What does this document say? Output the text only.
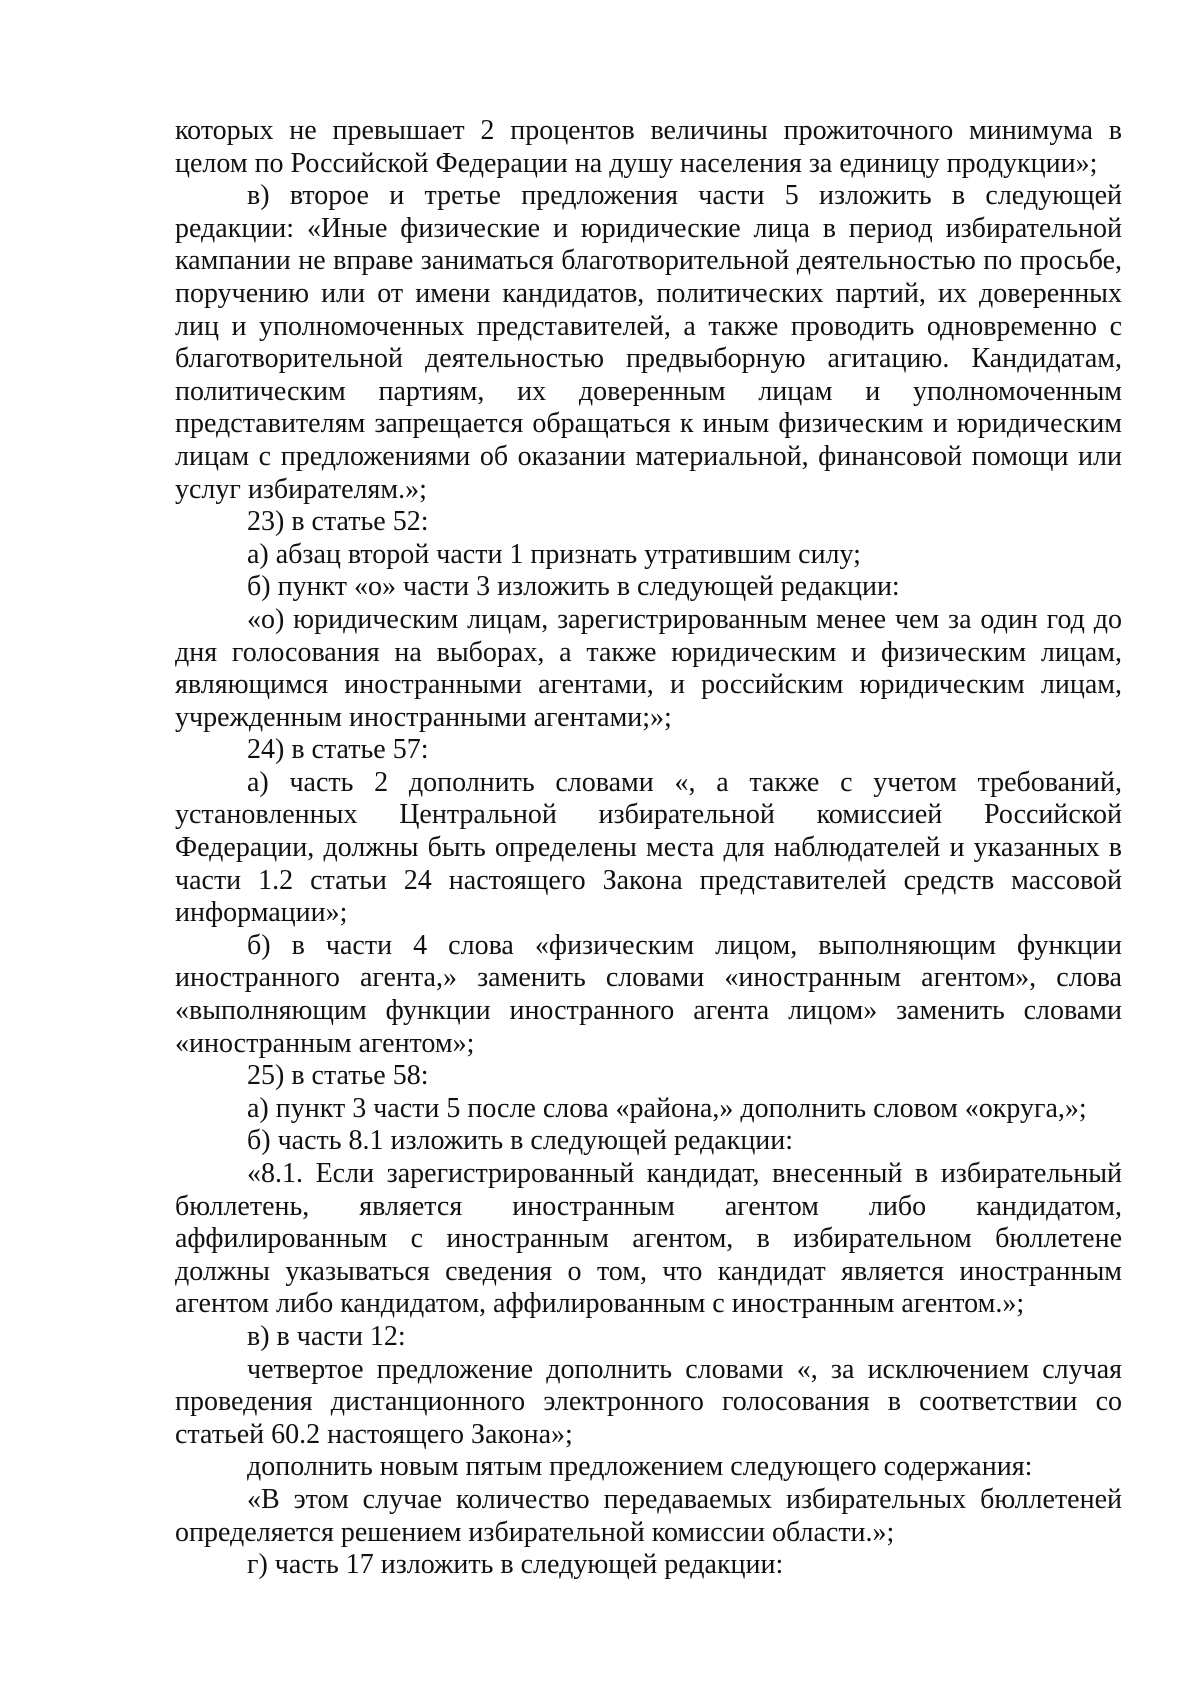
которых не превышает 2 процентов величины прожиточного минимума в целом по Российской Федерации на душу населения за единицу продукции»;

в) второе и третье предложения части 5 изложить в следующей редакции: «Иные физические и юридические лица в период избирательной кампании не вправе заниматься благотворительной деятельностью по просьбе, поручению или от имени кандидатов, политических партий, их доверенных лиц и уполномоченных представителей, а также проводить одновременно с благотворительной деятельностью предвыборную агитацию. Кандидатам, политическим партиям, их доверенным лицам и уполномоченным представителям запрещается обращаться к иным физическим и юридическим лицам с предложениями об оказании материальной, финансовой помощи или услуг избирателям.»;

23) в статье 52:

а) абзац второй части 1 признать утратившим силу;

б) пункт «о» части 3 изложить в следующей редакции:

«о) юридическим лицам, зарегистрированным менее чем за один год до дня голосования на выборах, а также юридическим и физическим лицам, являющимся иностранными агентами, и российским юридическим лицам, учрежденным иностранными агентами;»;

24) в статье 57:

а) часть 2 дополнить словами «, а также с учетом требований, установленных Центральной избирательной комиссией Российской Федерации, должны быть определены места для наблюдателей и указанных в части 1.2 статьи 24 настоящего Закона представителей средств массовой информации»;

б) в части 4 слова «физическим лицом, выполняющим функции иностранного агента,» заменить словами «иностранным агентом», слова «выполняющим функции иностранного агента лицом» заменить словами «иностранным агентом»;

25) в статье 58:

а) пункт 3 части 5 после слова «района,» дополнить словом «округа,»;

б) часть 8.1 изложить в следующей редакции:

«8.1. Если зарегистрированный кандидат, внесенный в избирательный бюллетень, является иностранным агентом либо кандидатом, аффилированным с иностранным агентом, в избирательном бюллетене должны указываться сведения о том, что кандидат является иностранным агентом либо кандидатом, аффилированным с иностранным агентом.»;

в) в части 12:

четвертое предложение дополнить словами «, за исключением случая проведения дистанционного электронного голосования в соответствии со статьей 60.2 настоящего Закона»;

дополнить новым пятым предложением следующего содержания:

«В этом случае количество передаваемых избирательных бюллетеней определяется решением избирательной комиссии области.»;

г) часть 17 изложить в следующей редакции:
